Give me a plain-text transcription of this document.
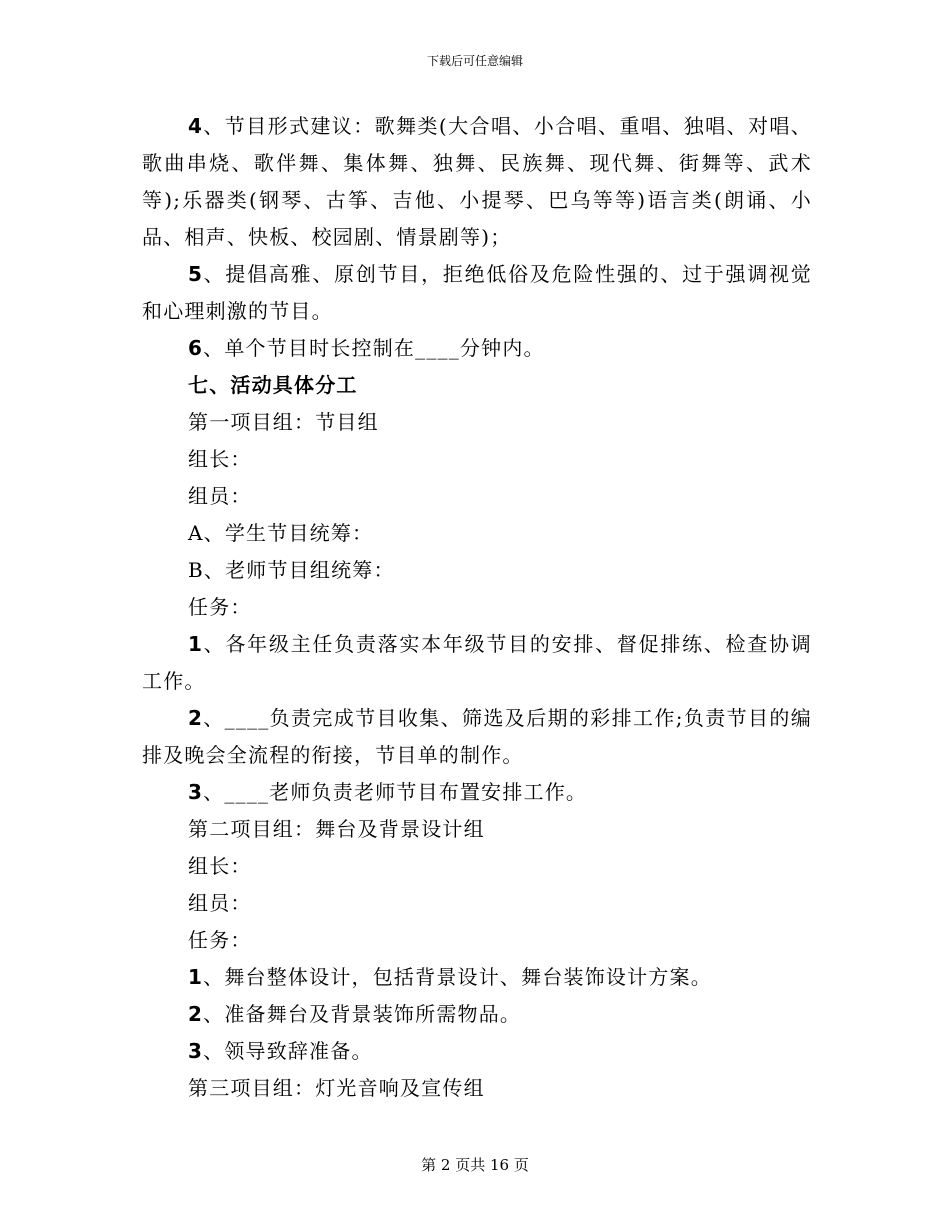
下载后可任意编辑

4、节目形式建议：歌舞类(大合唱、小合唱、重唱、独唱、对唱、歌曲串烧、歌伴舞、集体舞、独舞、民族舞、现代舞、街舞等、武术等);乐器类(钢琴、古筝、吉他、小提琴、巴乌等等)语言类(朗诵、小品、相声、快板、校园剧、情景剧等)；

5、提倡高雅、原创节目，拒绝低俗及危险性强的、过于强调视觉和心理刺激的节目。

6、单个节目时长控制在____分钟内。

七、活动具体分工

第一项目组：节目组

组长：

组员：

A、学生节目统筹：

B、老师节目组统筹：

任务：

1、各年级主任负责落实本年级节目的安排、督促排练、检查协调工作。

2、____负责完成节目收集、筛选及后期的彩排工作;负责节目的编排及晚会全流程的衔接，节目单的制作。

3、____老师负责老师节目布置安排工作。

第二项目组：舞台及背景设计组

组长：

组员：

任务：

1、舞台整体设计，包括背景设计、舞台装饰设计方案。

2、准备舞台及背景装饰所需物品。

3、领导致辞准备。

第三项目组：灯光音响及宣传组

第 2 页共 16 页
